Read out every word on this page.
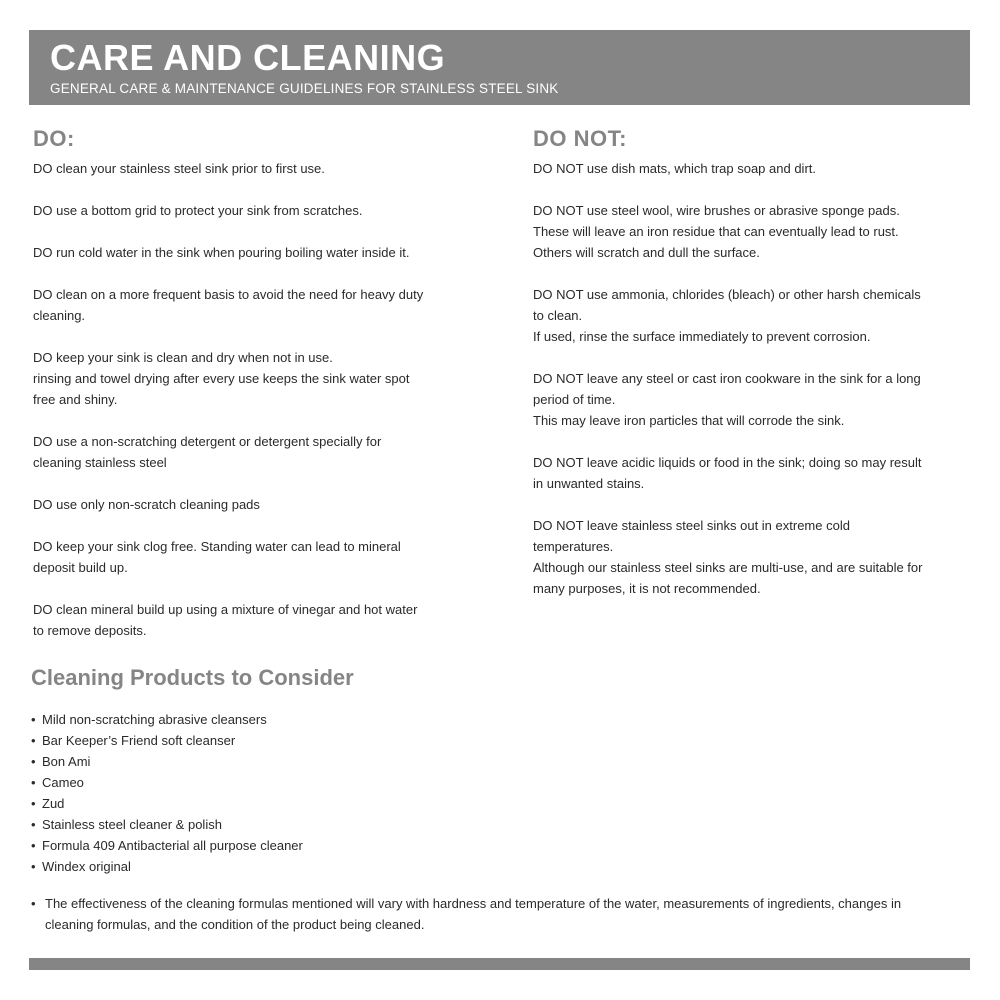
CARE AND CLEANING
GENERAL CARE & MAINTENANCE GUIDELINES FOR STAINLESS STEEL SINK
DO:

DO clean your stainless steel sink prior to first use.

DO use a bottom grid to protect your sink from scratches.

DO run cold water in the sink when pouring boiling water inside it.

DO clean on a more frequent basis to avoid the need for heavy duty
cleaning.

DO keep your sink is clean and dry when not in use.
rinsing and towel drying after every use keeps the sink water spot
free and shiny.

DO use a non-scratching detergent or detergent specially for
cleaning stainless steel

DO use only non-scratch cleaning pads

DO keep your sink clog free. Standing water can lead to mineral
deposit build up.

DO clean mineral build up using a mixture of vinegar and hot water
to remove deposits.

DO NOT:

DO NOT use dish mats, which trap soap and dirt.

DO NOT use steel wool, wire brushes or abrasive sponge pads.
These will leave an iron residue that can eventually lead to rust.
Others will scratch and dull the surface.

DO NOT use ammonia, chlorides (bleach) or other harsh chemicals
to clean.
If used, rinse the surface immediately to prevent corrosion.

DO NOT leave any steel or cast iron cookware in the sink for a long
period of time.
This may leave iron particles that will corrode the sink.

DO NOT leave acidic liquids or food in the sink; doing so may result
in unwanted stains.

DO NOT leave stainless steel sinks out in extreme cold
temperatures.
Although our stainless steel sinks are multi-use, and are suitable for
many purposes, it is not recommended.

Cleaning Products to Consider
• Mild non-scratching abrasive cleansers
• Bar Keeper’s Friend soft cleanser
• Bon Ami
• Cameo
• Zud
• Stainless steel cleaner & polish
• Formula 409 Antibacterial all purpose cleaner
• Windex original
• The effectiveness of the cleaning formulas mentioned will vary with hardness and temperature of the water, measurements of ingredients, changes in cleaning formulas, and the condition of the product being cleaned.
